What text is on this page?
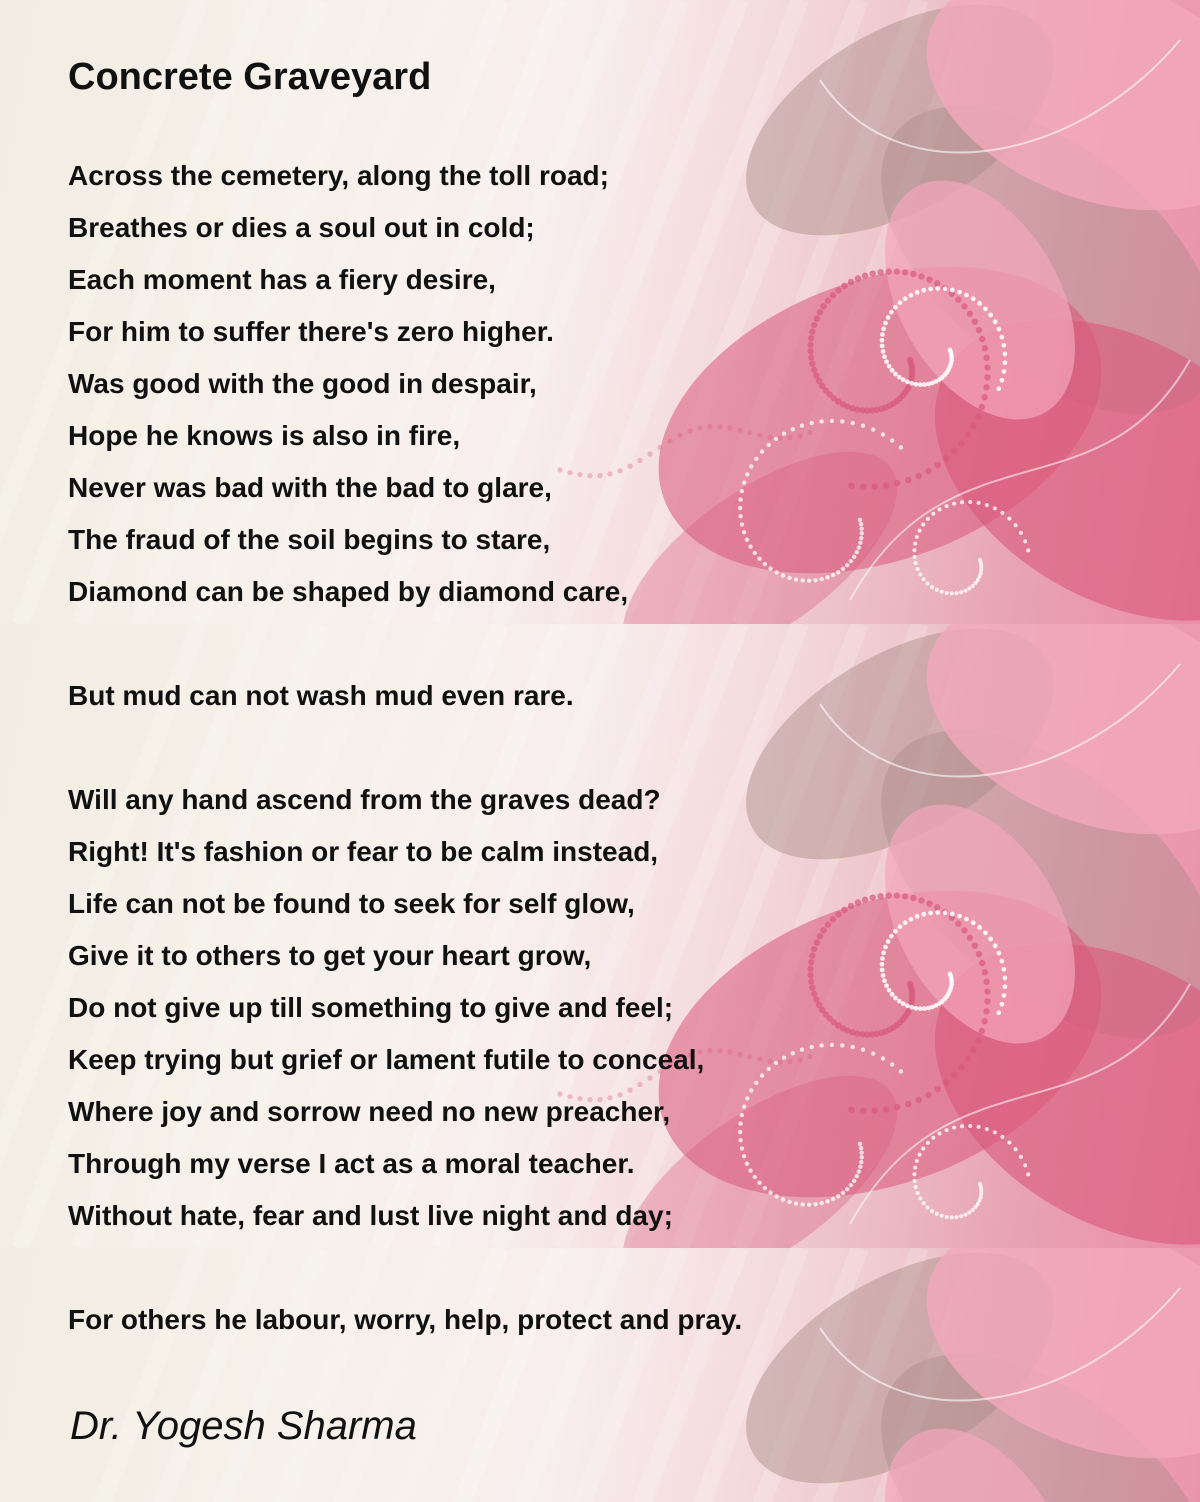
Concrete Graveyard
Across the cemetery, along the toll road;
Breathes or dies a soul out in cold;
Each moment has a fiery desire,
For him to suffer there's zero higher.
Was good with the good in despair,
Hope he knows is also in fire,
Never was bad with the bad to glare,
The fraud of the soil begins to stare,
Diamond can be shaped by diamond care,
But mud can not wash mud even rare.
Will any hand ascend from the graves dead?
Right! It's fashion or fear to be calm instead,
Life can not be found to seek for self glow,
Give it to others to get your heart grow,
Do not give up till something to give and feel;
Keep trying but grief or lament futile to conceal,
Where joy and sorrow need no new preacher,
Through my verse I act as a moral teacher.
Without hate, fear and lust live night and day;
For others he labour, worry, help, protect and pray.

Dr. Yogesh Sharma
